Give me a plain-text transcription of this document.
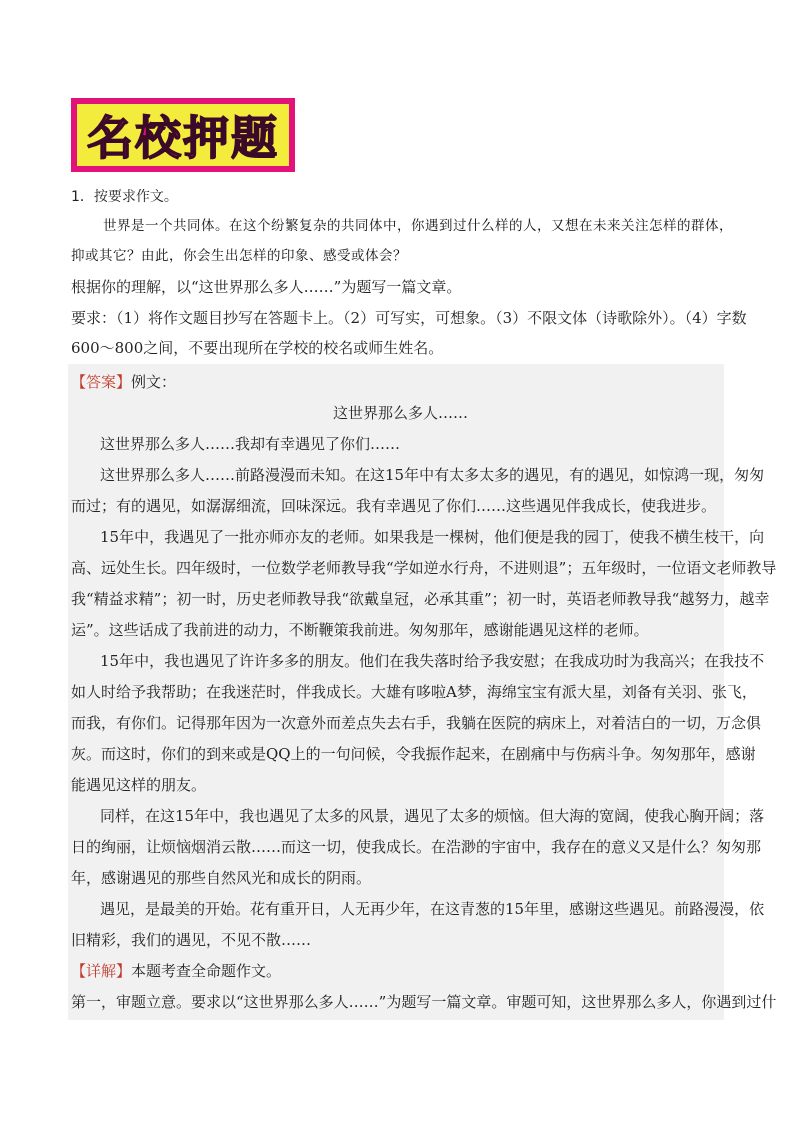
名校押题
1．按要求作文。
世界是一个共同体。在这个纷繁复杂的共同体中，你遇到过什么样的人，又想在未来关注怎样的群体，
抑或其它？由此，你会生出怎样的印象、感受或体会？
根据你的理解，以“这世界那么多人……”为题写一篇文章。
要求：（1）将作文题目抄写在答题卡上。（2）可写实，可想象。（3）不限文体（诗歌除外）。（4）字数
600～800之间，不要出现所在学校的校名或师生姓名。
【答案】例文：
这世界那么多人……
这世界那么多人……我却有幸遇见了你们……
这世界那么多人……前路漫漫而未知。在这15年中有太多太多的遇见，有的遇见，如惊鸿一现，匆匆
而过；有的遇见，如潺潺细流，回味深远。我有幸遇见了你们……这些遇见伴我成长，使我进步。
15年中，我遇见了一批亦师亦友的老师。如果我是一棵树，他们便是我的园丁，使我不横生枝干，向
高、远处生长。四年级时，一位数学老师教导我“学如逆水行舟，不进则退”；五年级时，一位语文老师教导
我“精益求精”；初一时，历史老师教导我“欲戴皇冠，必承其重”；初一时，英语老师教导我“越努力，越幸
运”。这些话成了我前进的动力，不断鞭策我前进。匆匆那年，感谢能遇见这样的老师。
15年中，我也遇见了许许多多的朋友。他们在我失落时给予我安慰；在我成功时为我高兴；在我技不
如人时给予我帮助；在我迷茫时，伴我成长。大雄有哆啦A梦，海绵宝宝有派大星，刘备有关羽、张飞，
而我，有你们。记得那年因为一次意外而差点失去右手，我躺在医院的病床上，对着洁白的一切，万念俱
灰。而这时，你们的到来或是QQ上的一句问候，令我振作起来，在剧痛中与伤病斗争。匆匆那年，感谢
能遇见这样的朋友。
同样，在这15年中，我也遇见了太多的风景，遇见了太多的烦恼。但大海的宽阔，使我心胸开阔；落
日的绚丽，让烦恼烟消云散……而这一切，使我成长。在浩渺的宇宙中，我存在的意义又是什么？匆匆那
年，感谢遇见的那些自然风光和成长的阴雨。
遇见，是最美的开始。花有重开日，人无再少年，在这青葱的15年里，感谢这些遇见。前路漫漫，依
旧精彩，我们的遇见，不见不散……
【详解】本题考查全命题作文。
第一，审题立意。要求以“这世界那么多人……”为题写一篇文章。审题可知，这世界那么多人，你遇到过什
